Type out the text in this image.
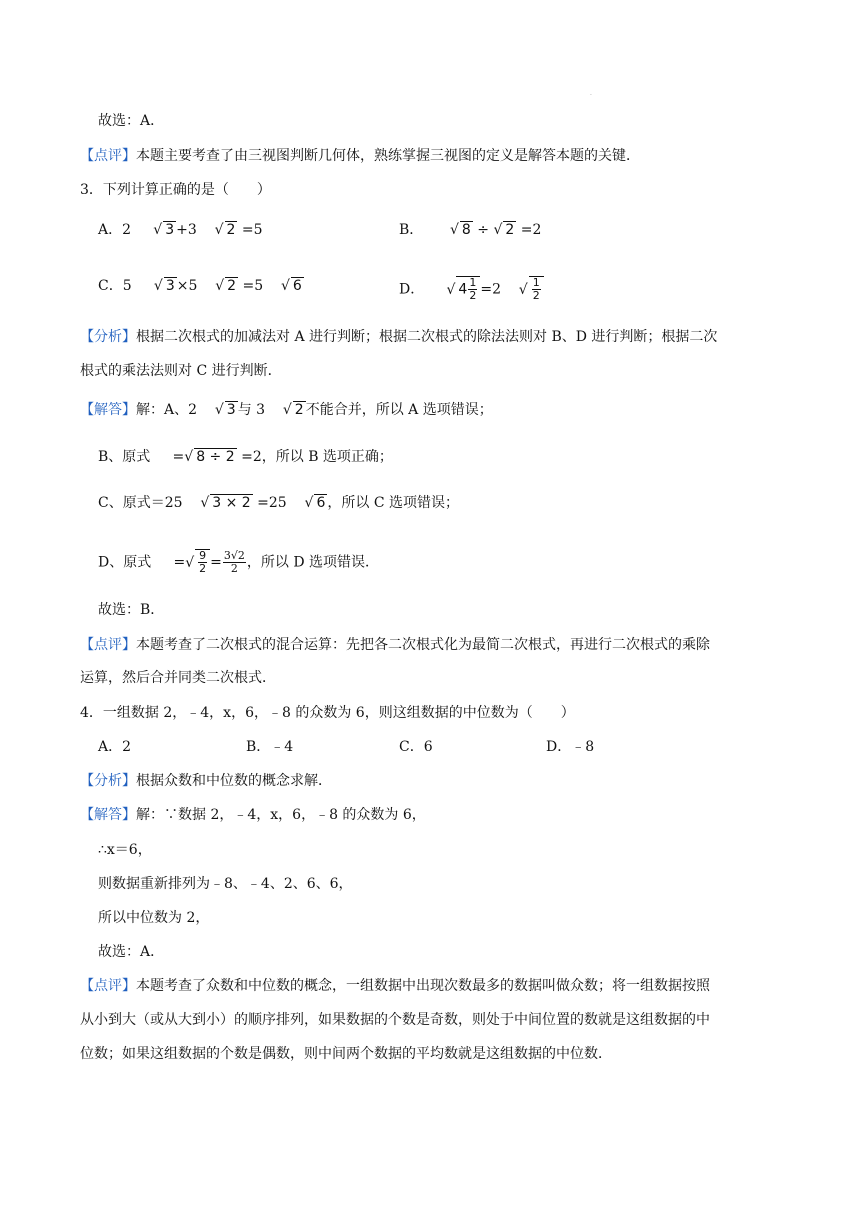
·
故选：A．
【点评】本题主要考查了由三视图判断几何体，熟练掌握三视图的定义是解答本题的关键．
3．下列计算正确的是（　　）
A．2 √ 3 +3    √ 2 =5	B． √ 8 ÷ √ 2 =2
C．5 √ 3 ×5    √ 2 =5 √ 6	D． √ $4 \frac{1}{2} =2$ √ $\frac{1}{2}$
【分析】根据二次根式的加减法对 A 进行判断；根据二次根式的除法法则对 B、D 进行判断；根据二次
根式的乘法法则对 C 进行判断．
【解答】解：A、2 √ 3 与 3 √ 2 不能合并，所以 A 选项错误；
B、原式     =√ 8 ÷ 2 =2，所以 B 选项正确；
C、原式＝25 √ 3 × 2 =25 √ 6 ，所以 C 选项错误；
D、原式     =√ $\frac{9}{2} = \frac{3√2}{2}$ ，所以 D 选项错误．
故选：B．
【点评】本题考查了二次根式的混合运算：先把各二次根式化为最简二次根式，再进行二次根式的乘除
运算，然后合并同类二次根式．
4．一组数据 2，﹣4，x，6，﹣8 的众数为 6，则这组数据的中位数为（　　）
A．2	B．﹣4	C．6	D．﹣8
【分析】根据众数和中位数的概念求解．
【解答】解：∵数据 2，﹣4，x，6，﹣8 的众数为 6，
∴x＝6，
则数据重新排列为﹣8、﹣4、2、6、6，
所以中位数为 2，
故选：A．
【点评】本题考查了众数和中位数的概念，一组数据中出现次数最多的数据叫做众数；将一组数据按照
从小到大（或从大到小）的顺序排列，如果数据的个数是奇数，则处于中间位置的数就是这组数据的中
位数；如果这组数据的个数是偶数，则中间两个数据的平均数就是这组数据的中位数．
